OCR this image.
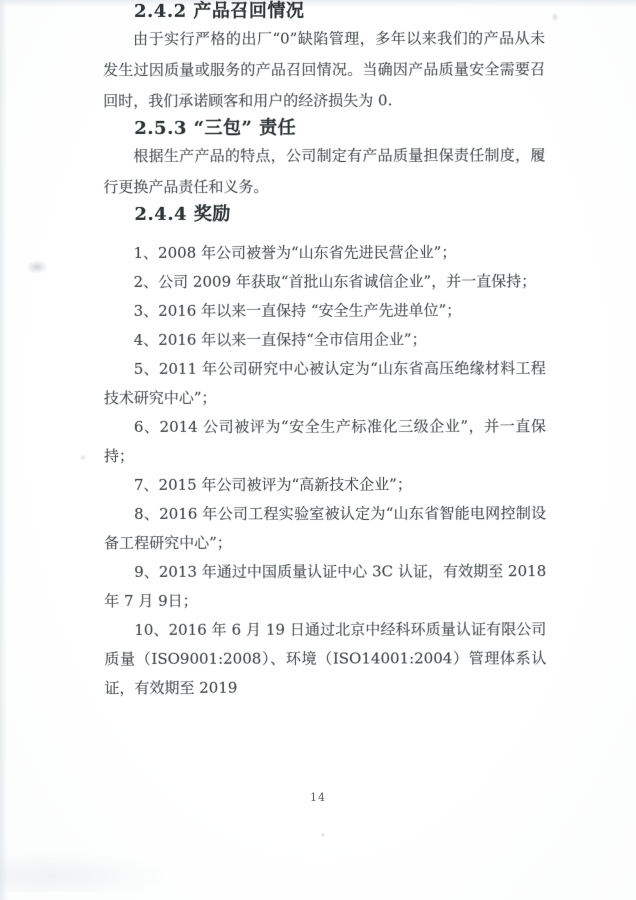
2.4.2 产品召回情况

由于实行严格的出厂“0”缺陷管理，多年以来我们的产品从未发生过因质量或服务的产品召回情况。当确因产品质量安全需要召回时，我们承诺顾客和用户的经济损失为 0.

2.5.3 “三包” 责任

根据生产产品的特点，公司制定有产品质量担保责任制度，履行更换产品责任和义务。

2.4.4 奖励

1、2008 年公司被誉为“山东省先进民营企业”；

2、公司 2009 年获取“首批山东省诚信企业”，并一直保持；

3、2016 年以来一直保持 “安全生产先进单位”；

4、2016 年以来一直保持“全市信用企业”；

5、2011 年公司研究中心被认定为“山东省高压绝缘材料工程技术研究中心”；

6、2014 公司被评为“安全生产标准化三级企业”，并一直保持；

7、2015 年公司被评为“高新技术企业”；

8、2016 年公司工程实验室被认定为“山东省智能电网控制设备工程研究中心”；

9、2013 年通过中国质量认证中心 3C 认证，有效期至 2018 年 7 月 9日；

10、2016 年 6 月 19 日通过北京中经科环质量认证有限公司质量（ISO9001:2008）、环境（ISO14001:2004）管理体系认证，有效期至 2019

14
